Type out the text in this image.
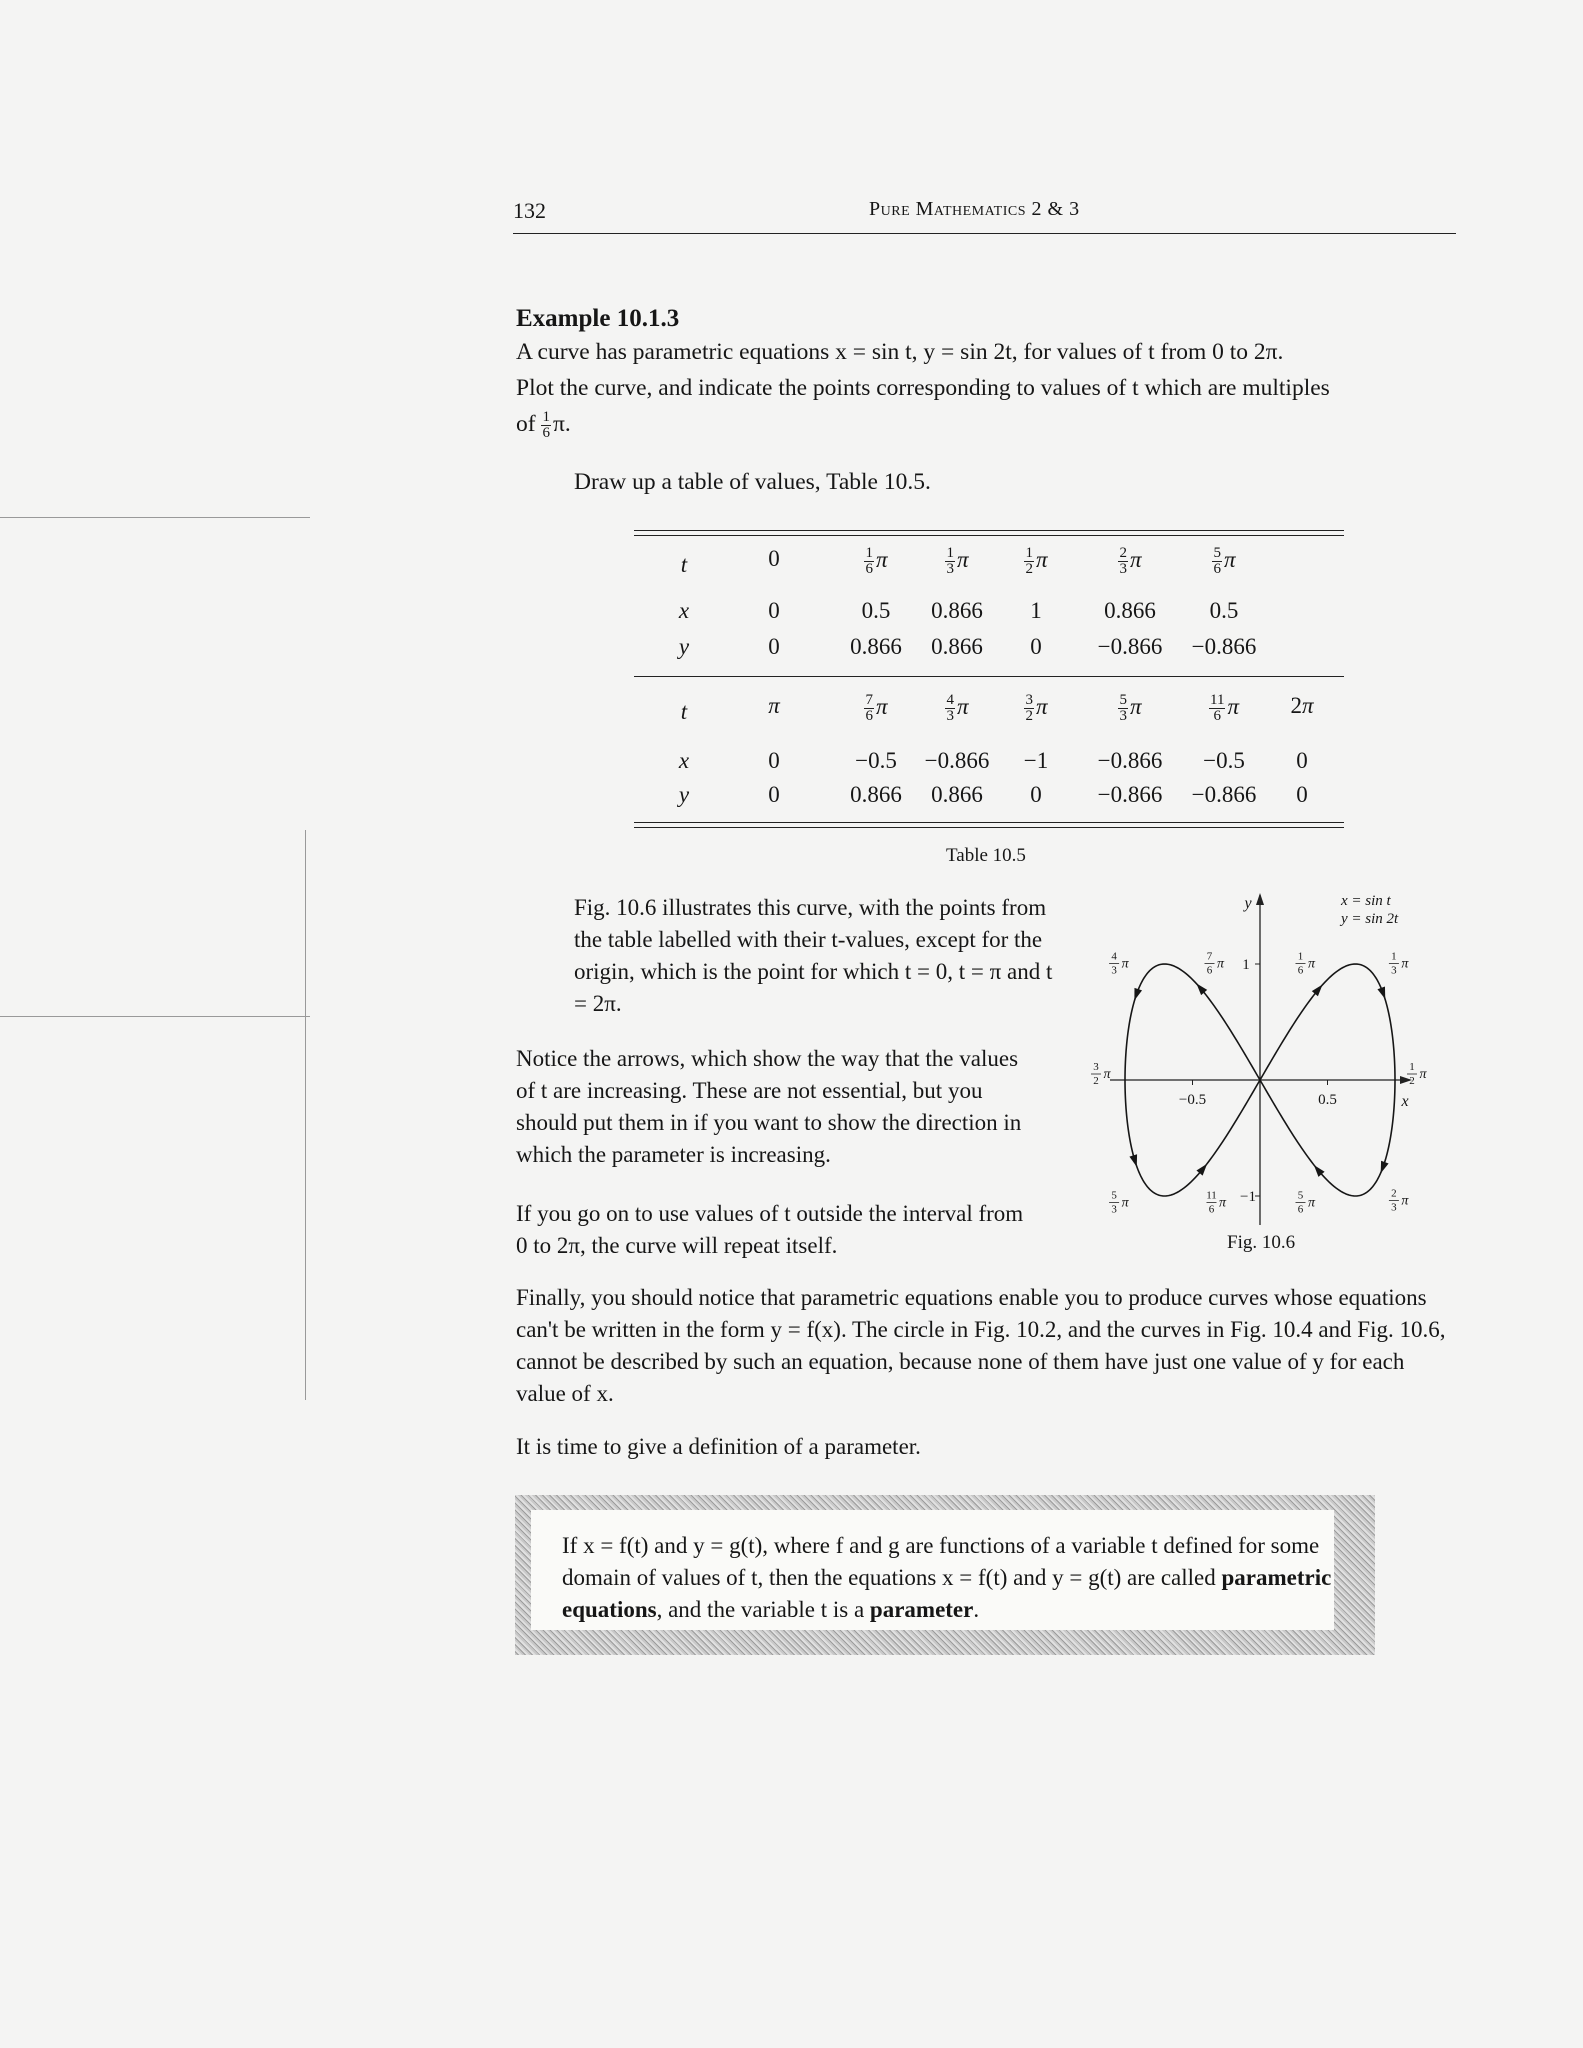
132	Pure Mathematics 2 & 3
Example 10.1.3
A curve has parametric equations x = sin t, y = sin 2t, for values of t from 0 to 2π.
Plot the curve, and indicate the points corresponding to values of t which are multiples
of $\frac{1}{6} \pi$.
Draw up a table of values, Table 10.5.
t	0	$\frac{1}{6}$ π	$\frac{1}{3}$ π	$\frac{1}{2}$ π	$\frac{2}{3}$ π	$\frac{5}{6}$ π
x	0	0.5	0.866	1	0.866	0.5
y	0	0.866	0.866	0	−0.866	−0.866
t	π	$\frac{7}{6}$ π	$\frac{4}{3}$ π	$\frac{3}{2}$ π	$\frac{5}{3}$ π	$\frac{11}{6}$ π	2π
x	0	−0.5	−0.866	−1	−0.866	−0.5	0
y	0	0.866	0.866	0	−0.866	−0.866	0
Table 10.5
Fig. 10.6 illustrates this curve, with the points from the table labelled with their t-values, except for the origin, which is the point for which t = 0, t = π and t = 2π.
Notice the arrows, which show the way that the values of t are increasing. These are not essential, but you should put them in if you want to show the direction in which the parameter is increasing.
If you go on to use values of t outside the interval from 0 to 2π, the curve will repeat itself.
Finally, you should notice that parametric equations enable you to produce curves whose equations can't be written in the form y = f(x). The circle in Fig. 10.2, and the curves in Fig. 10.4 and Fig. 10.6, cannot be described by such an equation, because none of them have just one value of y for each value of x.
It is time to give a definition of a parameter.
If x = f(t) and y = g(t), where f and g are functions of a variable t defined for some domain of values of t, then the equations x = f(t) and y = g(t) are called parametric equations, and the variable t is a parameter.
y
x
1
−1
−0.5	0.5
1
6 π	1
3 π
1
2 π
2
3 π
5
6 π
7
6 π
4
3 π
3
2 π
5
3 π	11
6 π
x = sin t
y = sin 2t
Fig. 10.6
